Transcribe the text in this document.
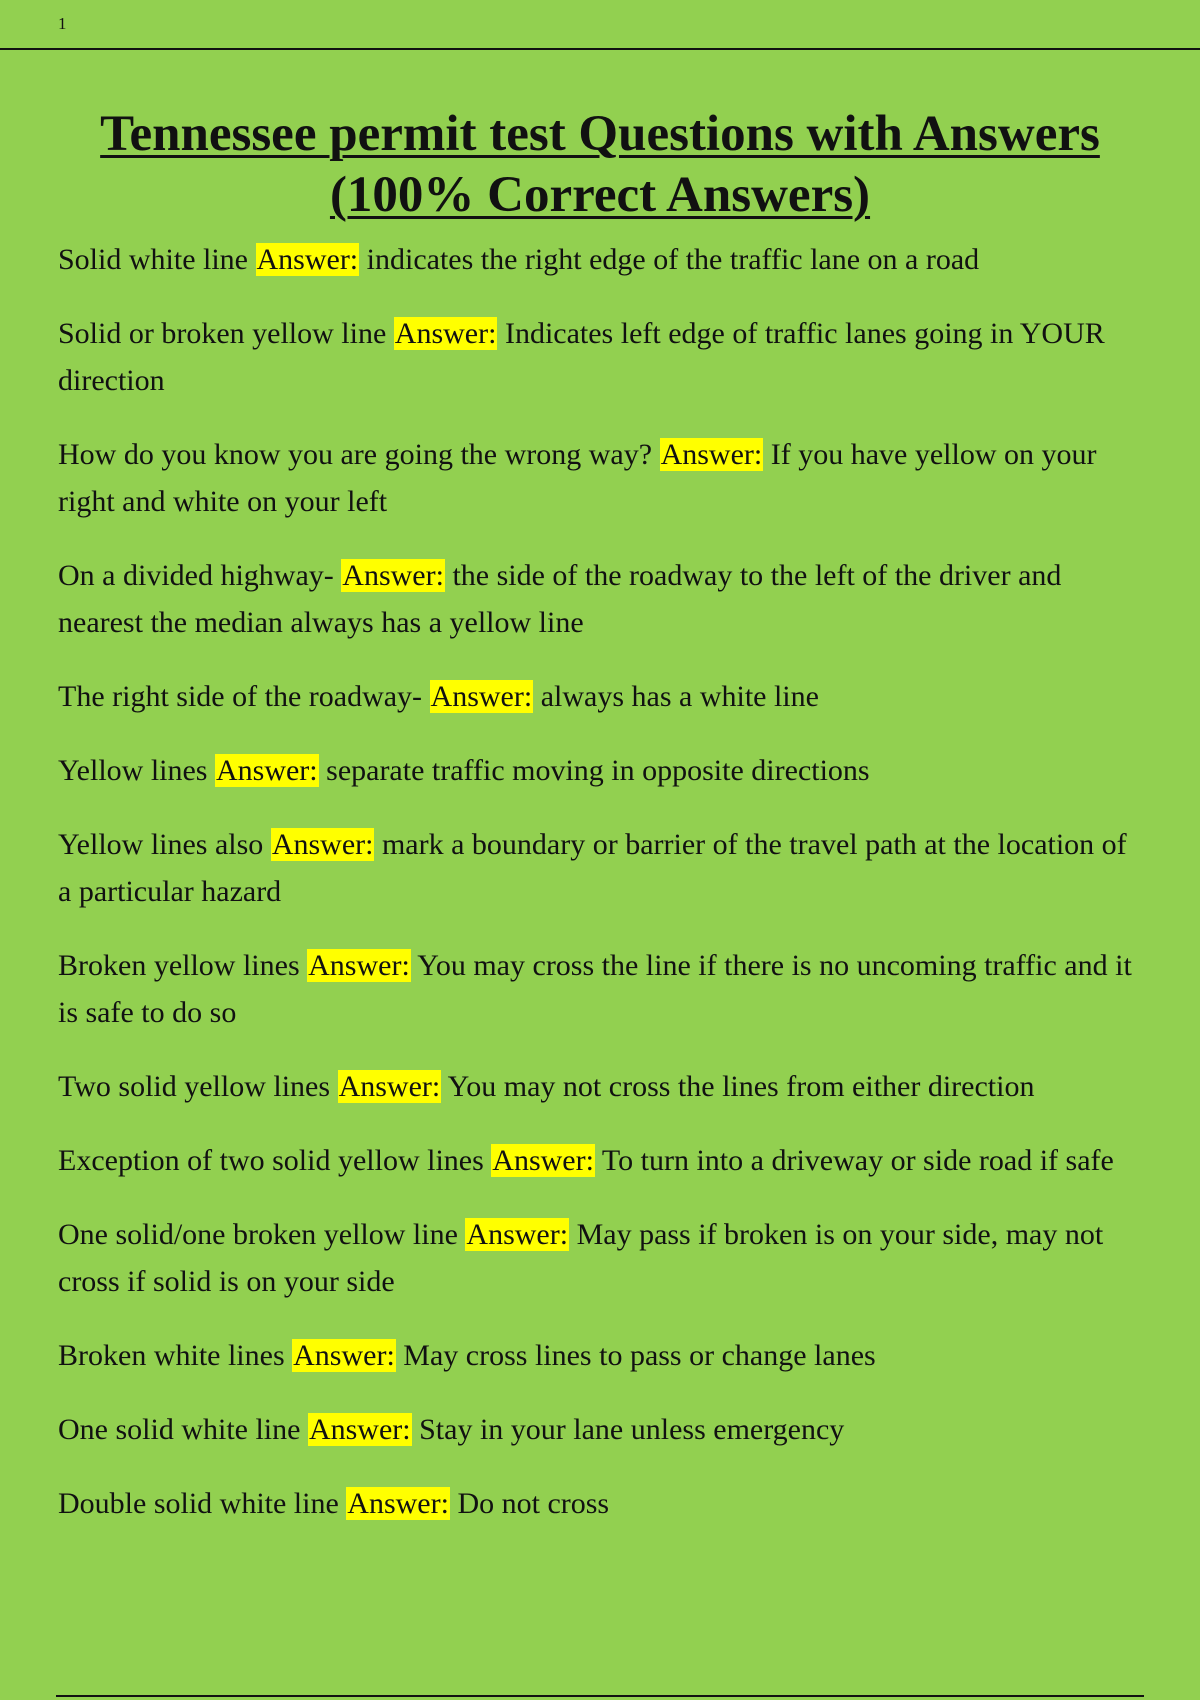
1
Tennessee permit test Questions with Answers (100% Correct Answers)

Solid white line Answer: indicates the right edge of the traffic lane on a road

Solid or broken yellow line Answer: Indicates left edge of traffic lanes going in YOUR direction

How do you know you are going the wrong way? Answer: If you have yellow on your right and white on your left

On a divided highway- Answer: the side of the roadway to the left of the driver and nearest the median always has a yellow line

The right side of the roadway- Answer: always has a white line

Yellow lines Answer: separate traffic moving in opposite directions

Yellow lines also Answer: mark a boundary or barrier of the travel path at the location of a particular hazard

Broken yellow lines Answer: You may cross the line if there is no uncoming traffic and it is safe to do so

Two solid yellow lines Answer: You may not cross the lines from either direction

Exception of two solid yellow lines Answer: To turn into a driveway or side road if safe

One solid/one broken yellow line Answer: May pass if broken is on your side, may not cross if solid is on your side

Broken white lines Answer: May cross lines to pass or change lanes

One solid white line Answer: Stay in your lane unless emergency

Double solid white line Answer: Do not cross
